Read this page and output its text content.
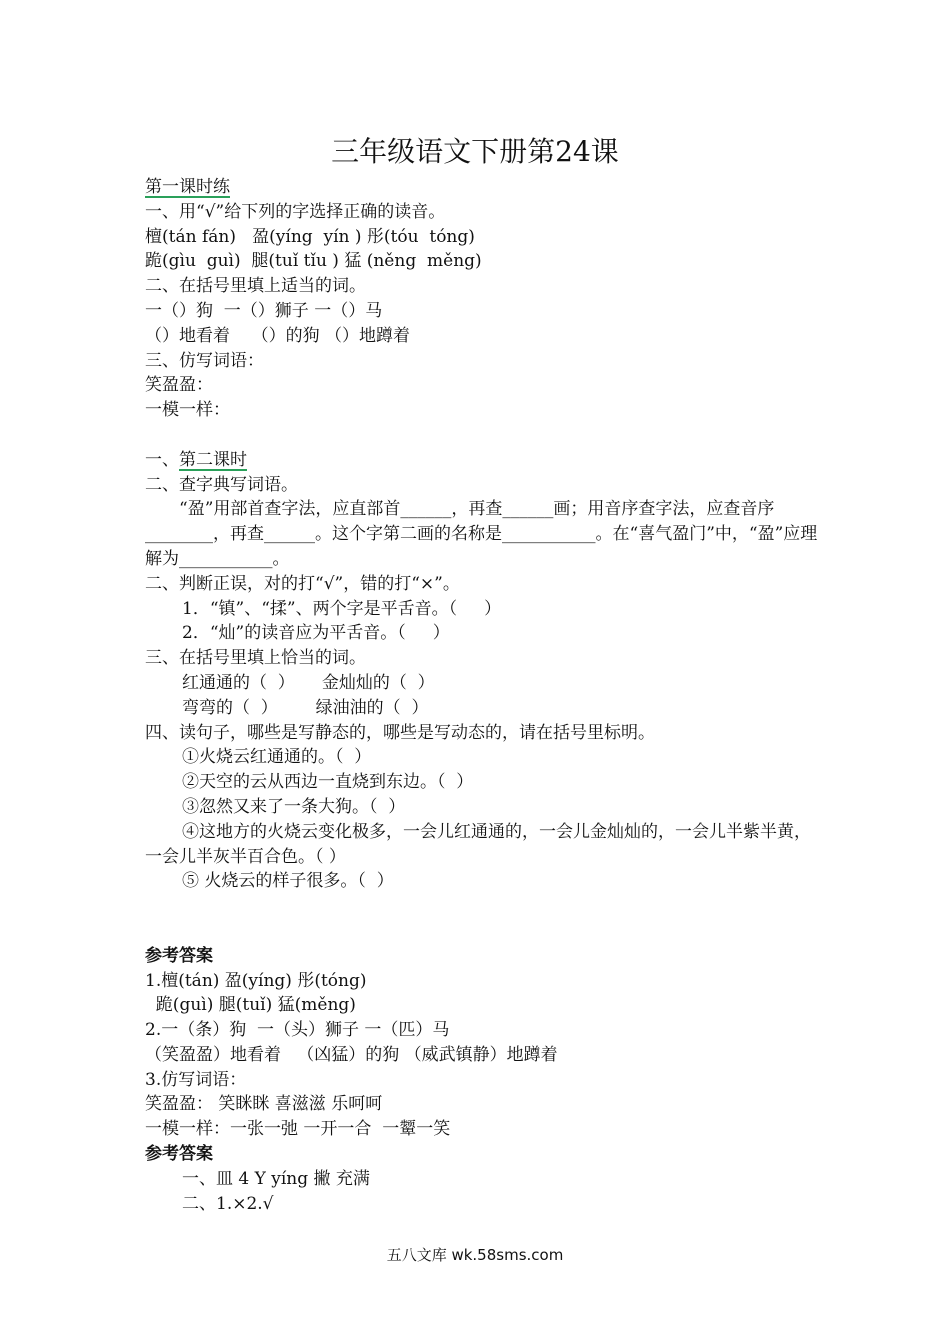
三年级语文下册第24课

第一课时练

一、用“√”给下列的字选择正确的读音。

檀(tán fán)   盈(yíng  yín ) 彤(tóu  tóng)

跪(gìu  guì)  腿(tuǐ tǐu ) 猛 (něng  měng)

二、在括号里填上适当的词。

一（）狗  一（）狮子 一（）马

（）地看着    （）的狗 （）地蹲着

三、仿写词语：

笑盈盈：

一模一样：

一、第二课时

二、查字典写词语。

“盈”用部首查字法，应直部首______，再查______画；用音序查字法，应查音序________，再查______。这个字第二画的名称是___________。在“喜气盈门”中，“盈”应理解为___________。

二、判断正误，对的打“√”，错的打“×”。

1．“镇”、“揉”、两个字是平舌音。（     ）

2．“灿”的读音应为平舌音。（     ）

三、在括号里填上恰当的词。

红通通的（  ）     金灿灿的（  ）

弯弯的（  ）       绿油油的（  ）

四、读句子，哪些是写静态的，哪些是写动态的，请在括号里标明。

①火烧云红通通的。（  ）

②天空的云从西边一直烧到东边。（  ）

③忽然又来了一条大狗。（  ）

④这地方的火烧云变化极多，一会儿红通通的，一会儿金灿灿的，一会儿半紫半黄，一会儿半灰半百合色。（ ）

⑤ 火烧云的样子很多。（  ）

参考答案

1.檀(tán) 盈(yíng) 彤(tóng)

跪(guì) 腿(tuǐ) 猛(měng)

2.一（条）狗  一（头）狮子 一（匹）马

（笑盈盈）地看着   （凶猛）的狗 （威武镇静）地蹲着

3.仿写词语：

笑盈盈： 笑眯眯 喜滋滋 乐呵呵

一模一样：一张一弛 一开一合  一颦一笑

参考答案

一、皿 4 Y yíng 撇 充满

二、1.×2.√

五八文库 wk.58sms.com
